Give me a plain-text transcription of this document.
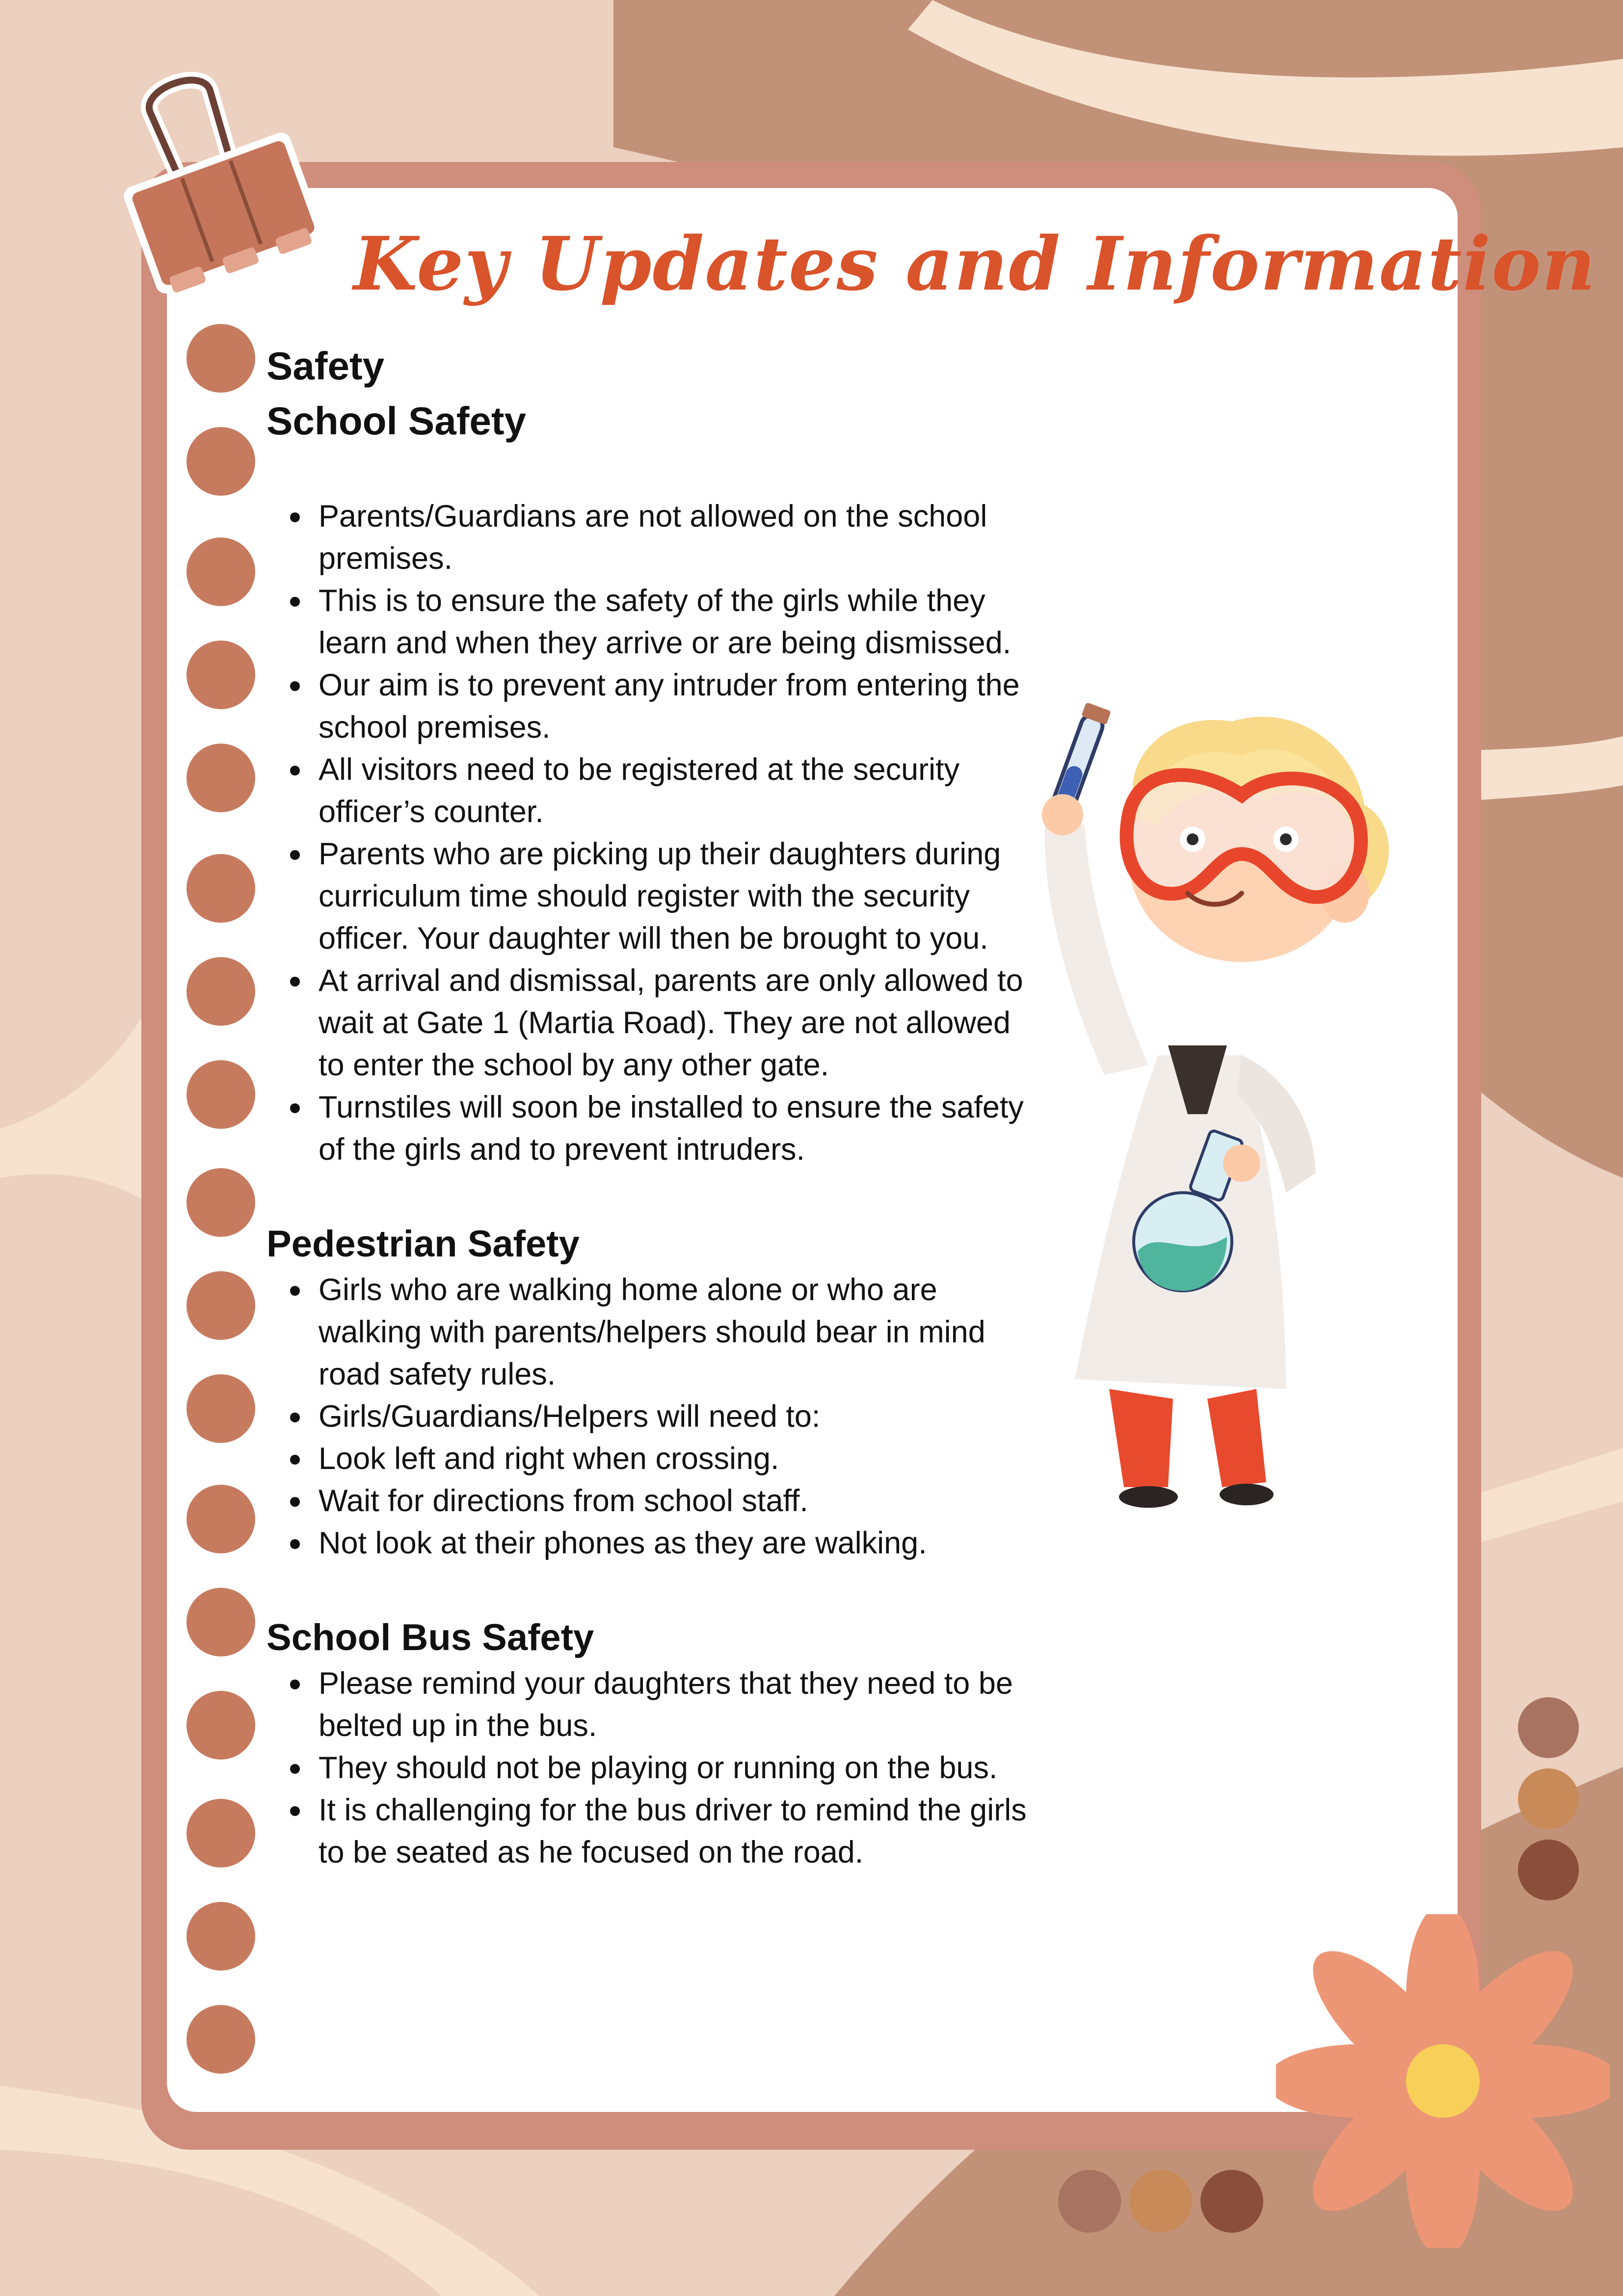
Key Updates and Information

Safety

School Safety

Parents/Guardians are not allowed on the school premises.
This is to ensure the safety of the girls while they learn and when they arrive or are being dismissed.
Our aim is to prevent any intruder from entering the school premises.
All visitors need to be registered at the security officer’s counter.
Parents who are picking up their daughters during curriculum time should register with the security officer. Your daughter will then be brought to you.
At arrival and dismissal, parents are only allowed to wait at Gate 1 (Martia Road). They are not allowed to enter the school by any other gate.
Turnstiles will soon be installed to ensure the safety of the girls and to prevent intruders.

Pedestrian Safety

Girls who are walking home alone or who are walking with parents/helpers should bear in mind road safety rules.
Girls/Guardians/Helpers will need to:
Look left and right when crossing.
Wait for directions from school staff.
Not look at their phones as they are walking.

School Bus Safety

Please remind your daughters that they need to be belted up in the bus.
They should not be playing or running on the bus.
It is challenging for the bus driver to remind the girls to be seated as he focused on the road.
